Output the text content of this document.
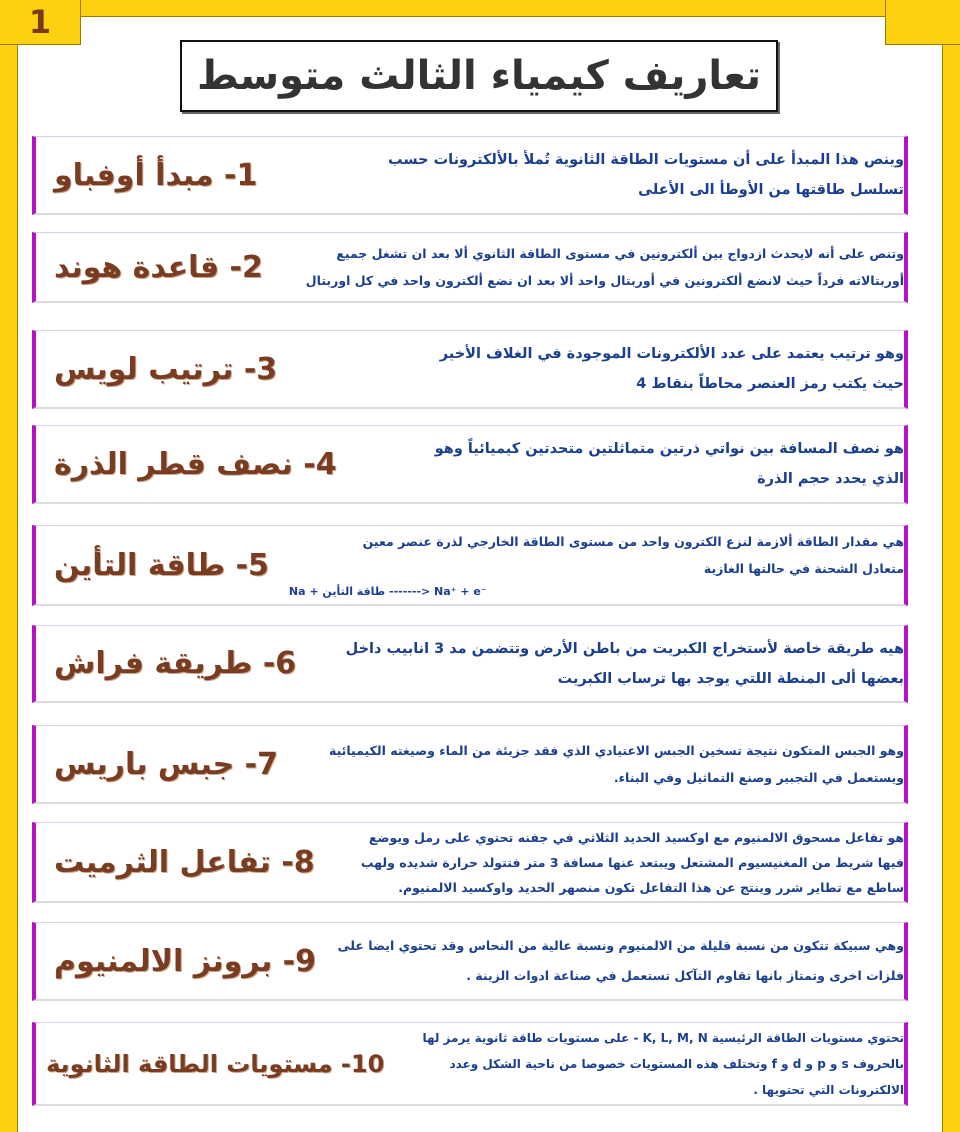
1
تعاريف كيمياء الثالث متوسط
1- مبدأ أوفباو	وينص هذا المبدأ على أن مستويات الطاقة الثانوية تُملأ بالألكترونات حسب
تسلسل طاقتها من الأوطأ الى الأعلى
2- قاعدة هوند	وتنص على أنه لايحدث ازدواج بين ألكترونين في مستوى الطاقة الثانوي ألا بعد ان تشغل جميع
أوربتالاته فرداً حيث لانضع ألكترونين في أوربتال واحد ألا بعد ان نضع ألكترون واحد في كل اوربتال
3- ترتيب لويس	وهو ترتيب يعتمد على عدد الألكترونات الموجودة في الغلاف الأخير
حيث يكتب رمز العنصر محاطاً بنقاط 4
4- نصف قطر الذرة	هو نصف المسافة بين نواتي ذرتين متماثلتين متحدتين كيميائياً وهو
الذي يحدد حجم الذرة
5- طاقة التأين
هي مقدار الطاقة ألازمة لنزع الكترون واحد من مستوى الطاقة الخارجي لذرة عنصر معين
متعادل الشحنة في حالتها الغازية
Na + طاقة التأين -------> Na⁺ + e⁻
6- طريقة فراش	هيه طريقة خاصة لأستخراج الكبريت من باطن الأرض وتتضمن مد 3 انابيب داخل
بعضها ألى المنطة اللتي يوجد بها ترساب الكبريت
7- جبس باريس	وهو الجبس المتكون نتيجة تسخين الجبس الاعتيادي الذي فقد جزيئة من الماء وصيغته الكيميائية
ويستعمل في التجبير وصنع التماثيل وفي البناء.
8- تفاعل الثرميت
هو تفاعل مسحوق الالمنيوم مع اوكسيد الحديد الثلاثي في جفنه تحتوي على رمل ويوضع
فيها شريط من المغنيسيوم المشتعل ويبتعد عنها مسافة 3 متر فتتولد حرارة شديده ولهب
ساطع مع تطاير شرر وينتج عن هذا التفاعل تكون منصهر الحديد واوكسيد الالمنيوم.
9- برونز الالمنيوم	وهي سبيكة تتكون من نسبة قليلة من الالمنيوم ونسبة عالية من النحاس وقد تحتوي ايضا على
فلزات اخرى وتمتاز بانها تقاوم التآكل تستعمل في صناعة ادوات الزينة .
10- مستويات الطاقة الثانوية
تحتوي مستويات الطاقة الرئيسية K, L, M, N - على مستويات طاقة ثانوية يرمز لها
بالحروف s و p و d و f وتختلف هذه المستويات خصوصا من ناحية الشكل وعدد
الالكترونات التي تحتويها .
